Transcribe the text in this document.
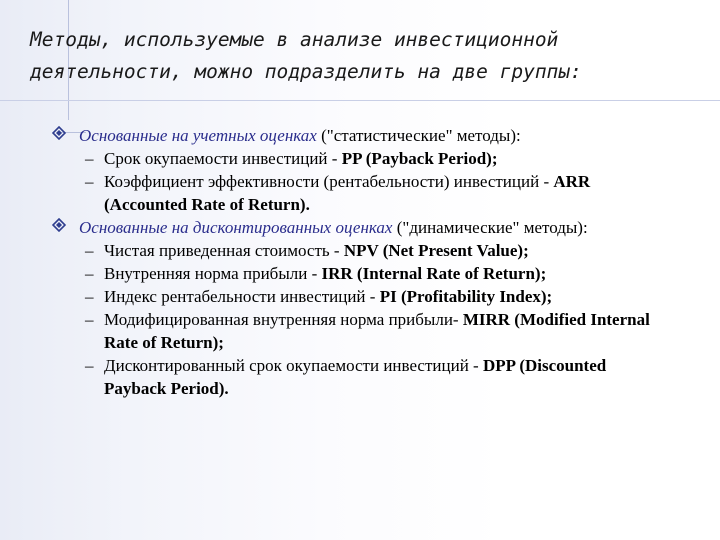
Методы, используемые в анализе инвестиционной деятельности, можно подразделить на две группы:
Основанные на учетных оценках ("статистические" методы):
– Срок окупаемости инвестиций - PP (Payback Period);
– Коэффициент эффективности (рентабельности) инвестиций - ARR (Accounted Rate of Return).
Основанные на дисконтированных оценках ("динамические" методы):
– Чистая приведенная стоимость - NPV (Net Present Value);
– Внутренняя норма прибыли - IRR (Internal Rate of Return);
– Индекс рентабельности инвестиций - PI (Profitability Index);
– Модифицированная внутренняя норма прибыли- MIRR (Modified Internal Rate of Return);
– Дисконтированный срок окупаемости инвестиций - DPP (Discounted Payback Period).
